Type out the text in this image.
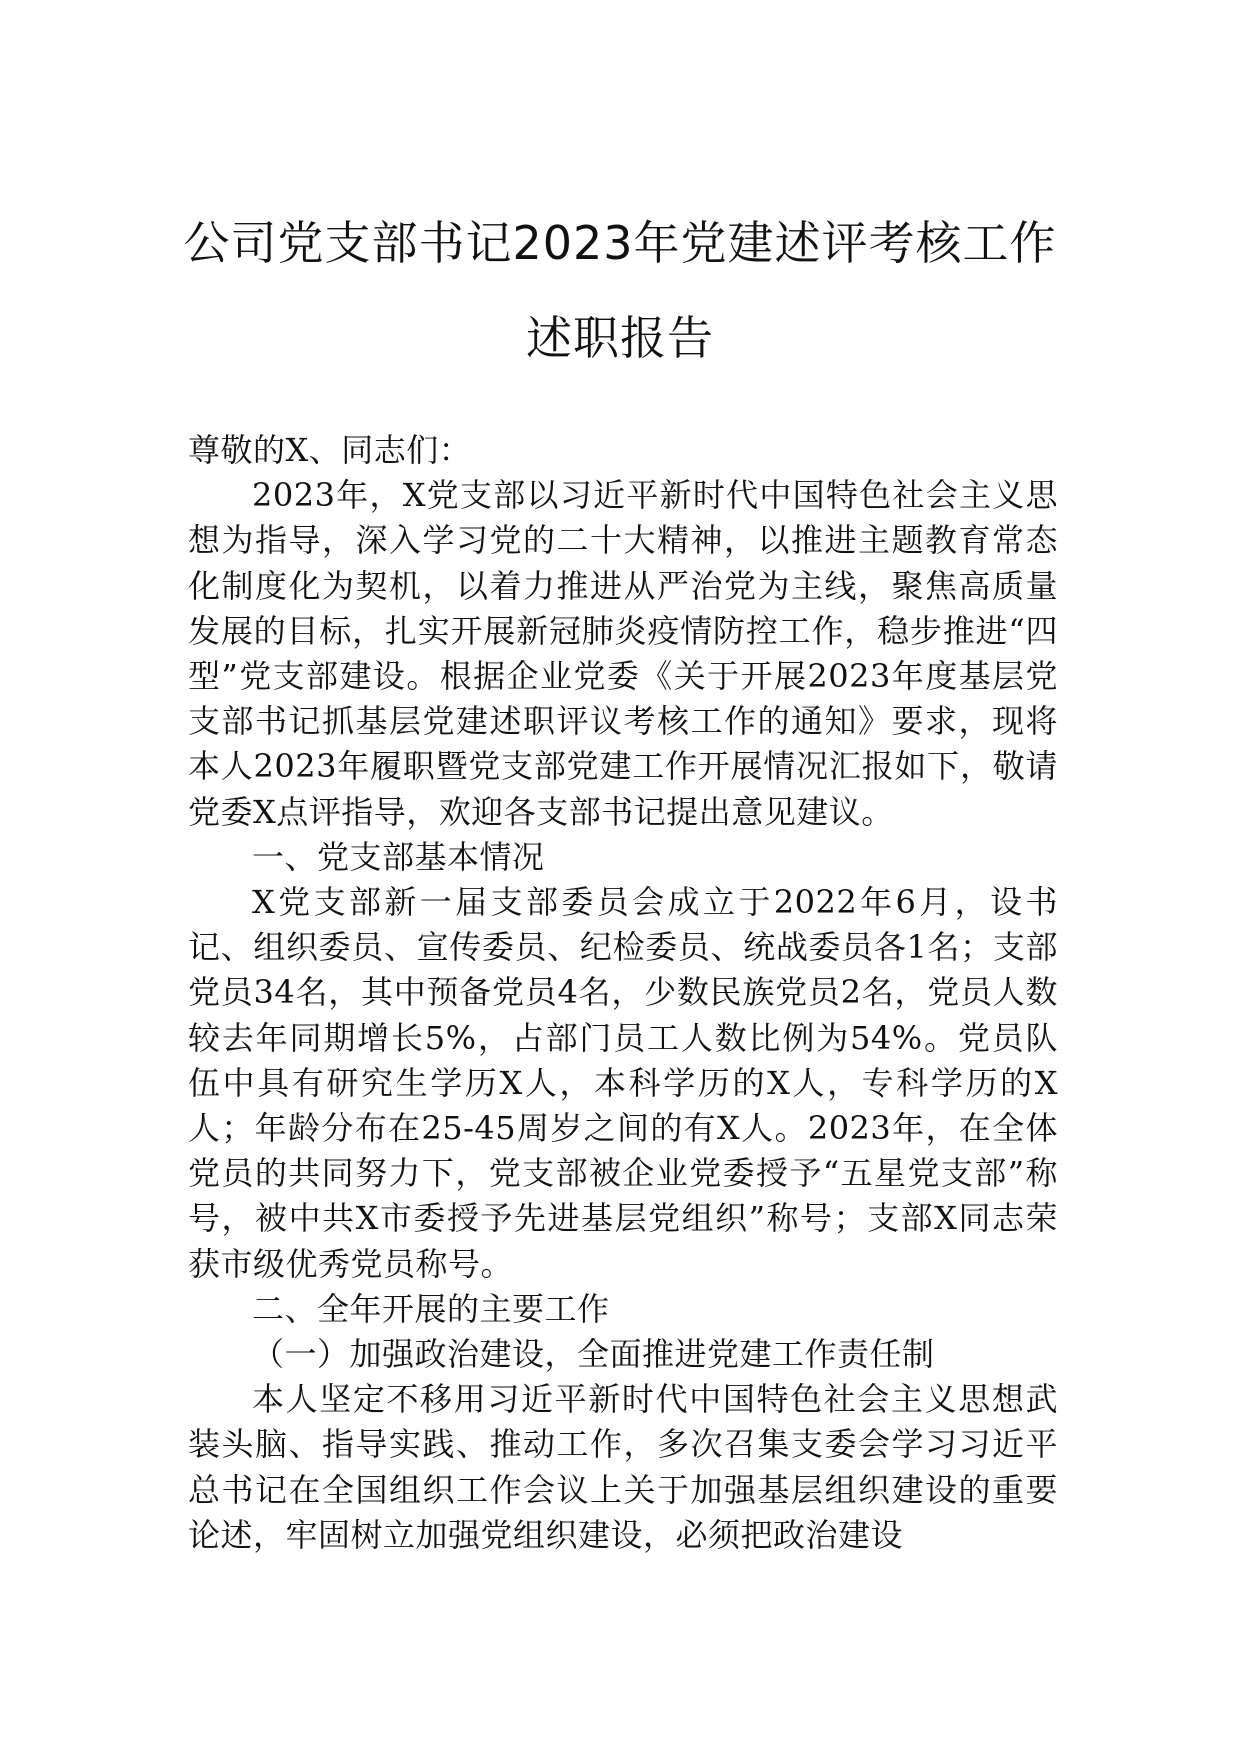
公司党支部书记2023年党建述评考核工作
述职报告

尊敬的X、同志们：

2023年，X党支部以习近平新时代中国特色社会主义思想为指导，深入学习党的二十大精神，以推进主题教育常态化制度化为契机，以着力推进从严治党为主线，聚焦高质量发展的目标，扎实开展新冠肺炎疫情防控工作，稳步推进“四型”党支部建设。根据企业党委《关于开展2023年度基层党支部书记抓基层党建述职评议考核工作的通知》要求，现将本人2023年履职暨党支部党建工作开展情况汇报如下，敬请党委X点评指导，欢迎各支部书记提出意见建议。

一、党支部基本情况

X党支部新一届支部委员会成立于2022年6月，设书记、组织委员、宣传委员、纪检委员、统战委员各1名；支部党员34名，其中预备党员4名，少数民族党员2名，党员人数较去年同期增长5%，占部门员工人数比例为54%。党员队伍中具有研究生学历X人，本科学历的X人，专科学历的X人；年龄分布在25-45周岁之间的有X人。2023年，在全体党员的共同努力下，党支部被企业党委授予“五星党支部”称号，被中共X市委授予先进基层党组织”称号；支部X同志荣获市级优秀党员称号。

二、全年开展的主要工作

（一）加强政治建设，全面推进党建工作责任制

本人坚定不移用习近平新时代中国特色社会主义思想武装头脑、指导实践、推动工作，多次召集支委会学习习近平总书记在全国组织工作会议上关于加强基层组织建设的重要论述，牢固树立加强党组织建设，必须把政治建设
